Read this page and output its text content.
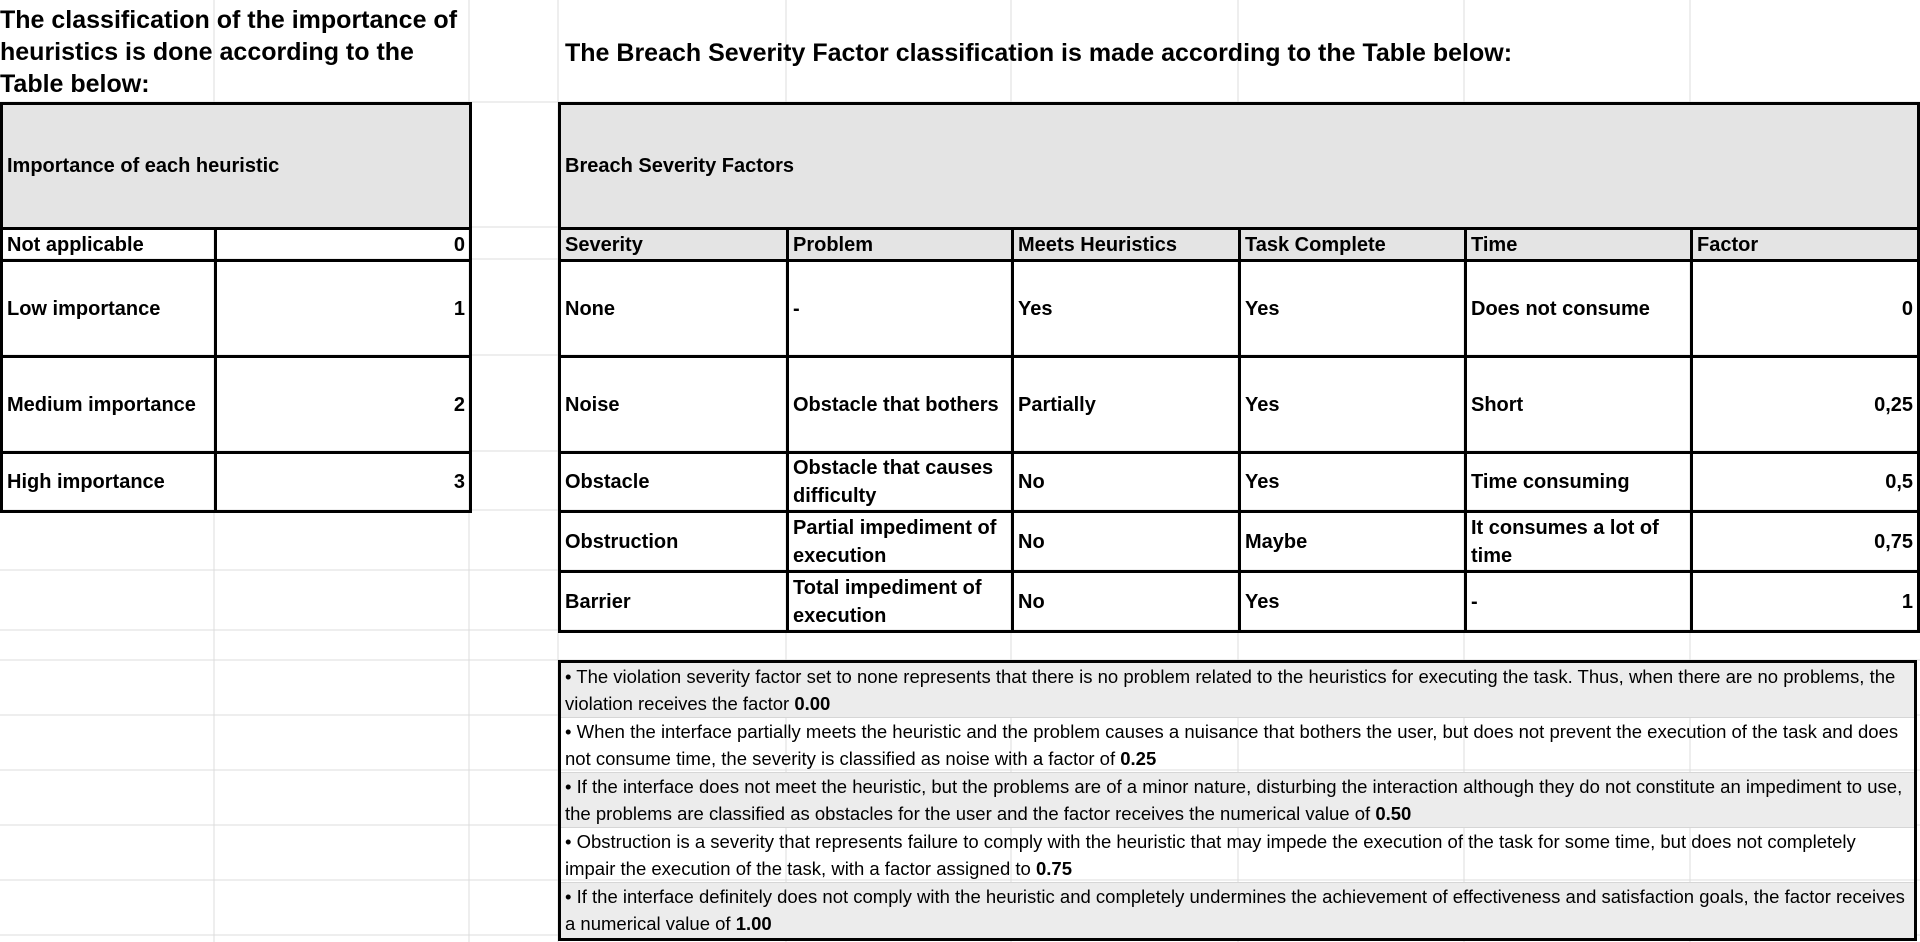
The classification of the importance of heuristics is done according to the Table below:
Importance of each heuristic	
Not applicable	0
Low importance	1
Medium importance	2
High importance	3
The Breach Severity Factor classification is made according to the Table below:
Breach Severity Factors					
Severity	Problem	Meets Heuristics	Task Complete	Time	Factor
None	-	Yes	Yes	Does not consume	0
Noise	Obstacle that bothers	Partially	Yes	Short	0,25
Obstacle	Obstacle that causes difficulty	No	Yes	Time consuming	0,5
Obstruction	Partial impediment of execution	No	Maybe	It consumes a lot of time	0,75
Barrier	Total impediment of execution	No	Yes	-	1
• The violation severity factor set to none represents that there is no problem related to the heuristics for executing the task. Thus, when there are no problems, the violation receives the factor 0.00
• When the interface partially meets the heuristic and the problem causes a nuisance that bothers the user, but does not prevent the execution of the task and does not consume time, the severity is classified as noise with a factor of 0.25
• If the interface does not meet the heuristic, but the problems are of a minor nature, disturbing the interaction although they do not constitute an impediment to use, the problems are classified as obstacles for the user and the factor receives the numerical value of 0.50
• Obstruction is a severity that represents failure to comply with the heuristic that may impede the execution of the task for some time, but does not completely impair the execution of the task, with a factor assigned to 0.75
• If the interface definitely does not comply with the heuristic and completely undermines the achievement of effectiveness and satisfaction goals, the factor receives a numerical value of 1.00
